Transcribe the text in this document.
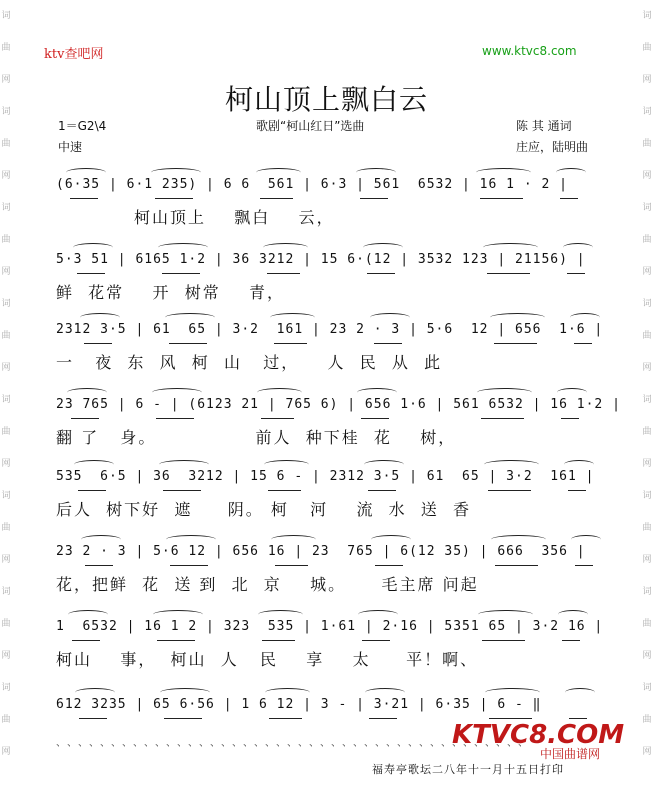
词
曲
网
词
曲
网
词
曲
网
词
曲
网
词
曲
网
词
曲
网
词
曲
网
词
曲
网
词
曲
网
词
曲
网
词
曲
网
词
曲
网
词
曲
网
词
曲
网
词
曲
网
词
曲
网
ktv查吧网	www.ktvc8.com
柯山顶上飘白云
1＝G2\4
中速
歌剧“柯山红日”选曲	陈 其 通词
庄应，陆明曲
(6·35 | 6·1 235) | 6 6  561 | 6·3 | 561  6532 | 16 1 · 2 |
柯山顶上    飘白    云，
5·3 51 | 6165 1·2 | 36 3212 | 15 6·(12 | 3532 123 | 21156) |
鲜  花常    开  树常    青，
2312 3·5 | 61  65 | 3·2  161 | 23 2 · 3 | 5·6  12 | 656  1·6 |
一   夜  东  风  柯  山   过，    人  民  从  此
23 765 | 6 - | (6123 21 | 765 6) | 656 1·6 | 561 6532 | 16 1·2 |
翻 了   身。              前人  种下桂  花    树，
535  6·5 | 36  3212 | 15 6 - | 2312 3·5 | 61  65 | 3·2  161 |
后人  树下好  遮     阴。 柯   河    流  水  送  香
23 2 · 3 | 5·6 12 | 656 16 | 23  765 | 6(12 35) | 666  356 |
花，把鲜  花  送 到  北  京    城。     毛主席 问起
1  6532 | 16 1 2 | 323  535 | 1·61 | 2·16 | 5351 65 | 3·2 16 |
柯山    事，  柯山  人   民    享    太     平！啊、
612 3235 | 65 6·56 | 1 6 12 | 3 - | 3·21 | 6·35 | 6 - ‖
、、、、、、、、、、、、、、、、、、、、、、、、、、、、、、、、、、、、、、、、、、、
KTVC8.COM
中国曲谱网
福寿亭歌坛二八年十一月十五日打印
